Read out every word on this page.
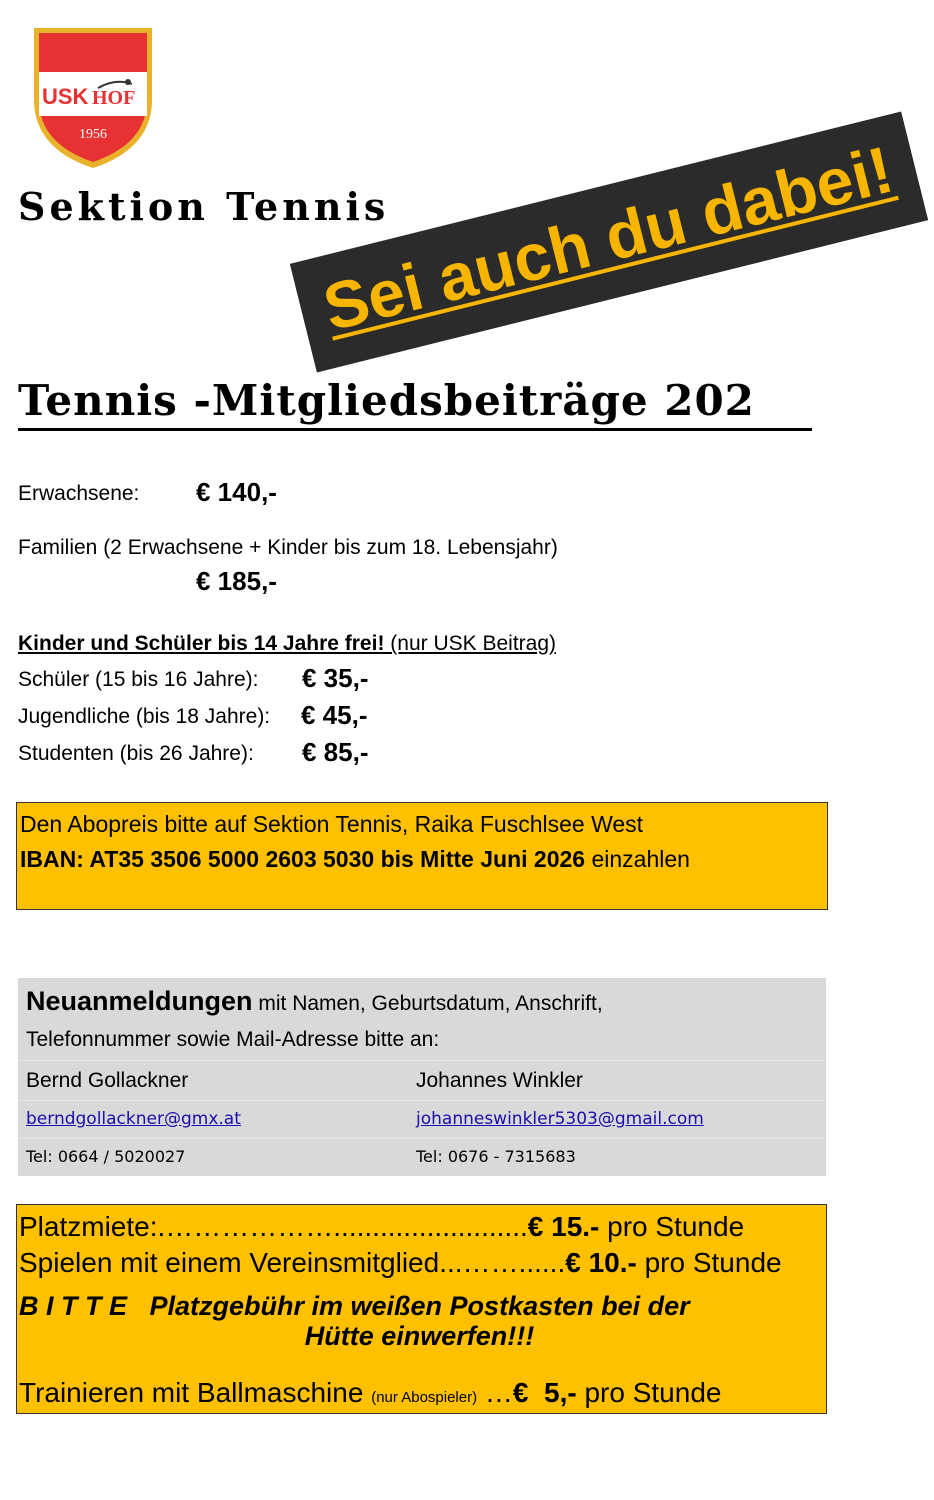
USK HOF
1956
Sektion Tennis
Sei auch du dabei!
Tennis -Mitgliedsbeiträge 202
Erwachsene: € 140,-
Familien (2 Erwachsene + Kinder bis zum 18. Lebensjahr)
€ 185,-
Kinder und Schüler bis 14 Jahre frei! (nur USK Beitrag)
Schüler (15 bis 16 Jahre): € 35,-
Jugendliche (bis 18 Jahre): € 45,-
Studenten (bis 26 Jahre): € 85,-
Den Abopreis bitte auf Sektion Tennis, Raika Fuschlsee West
IBAN: AT35 3506 5000 2603 5030 bis Mitte Juni 2026 einzahlen
Neuanmeldungen mit Namen, Geburtsdatum, Anschrift,
Telefonnummer sowie Mail-Adresse bitte an:
Bernd Gollackner	Johannes Winkler
berndgollackner@gmx.at	johanneswinkler5303@gmail.com
Tel: 0664 / 5020027	Tel: 0676 - 7315683
Platzmiete:.……………….........................€ 15.- pro Stunde
Spielen mit einem Vereinsmitglied...……......€ 10.- pro Stunde
B I T T E   Platzgebühr im weißen Postkasten bei der
Hütte einwerfen!!!
Trainieren mit Ballmaschine (nur Abospieler) …€  5,- pro Stunde
